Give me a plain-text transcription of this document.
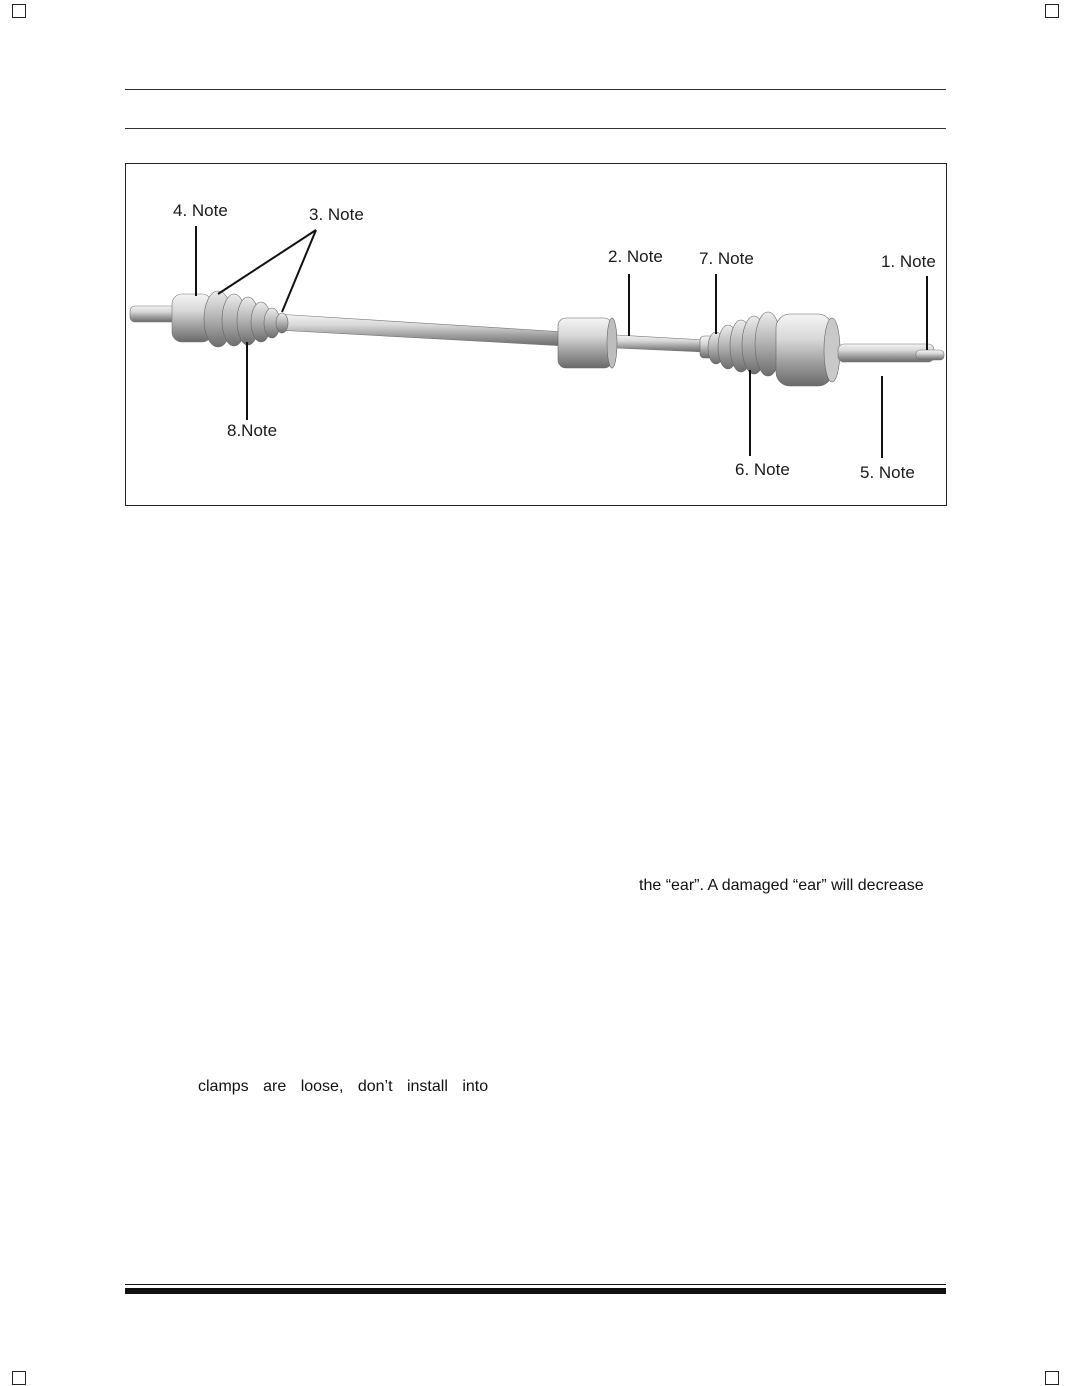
4. Note	3. Note
2. Note 7. Note	1. Note
8.Note
6. Note	5. Note
the “ear”. A damaged “ear” will decrease
clamps are loose, don’t install into
